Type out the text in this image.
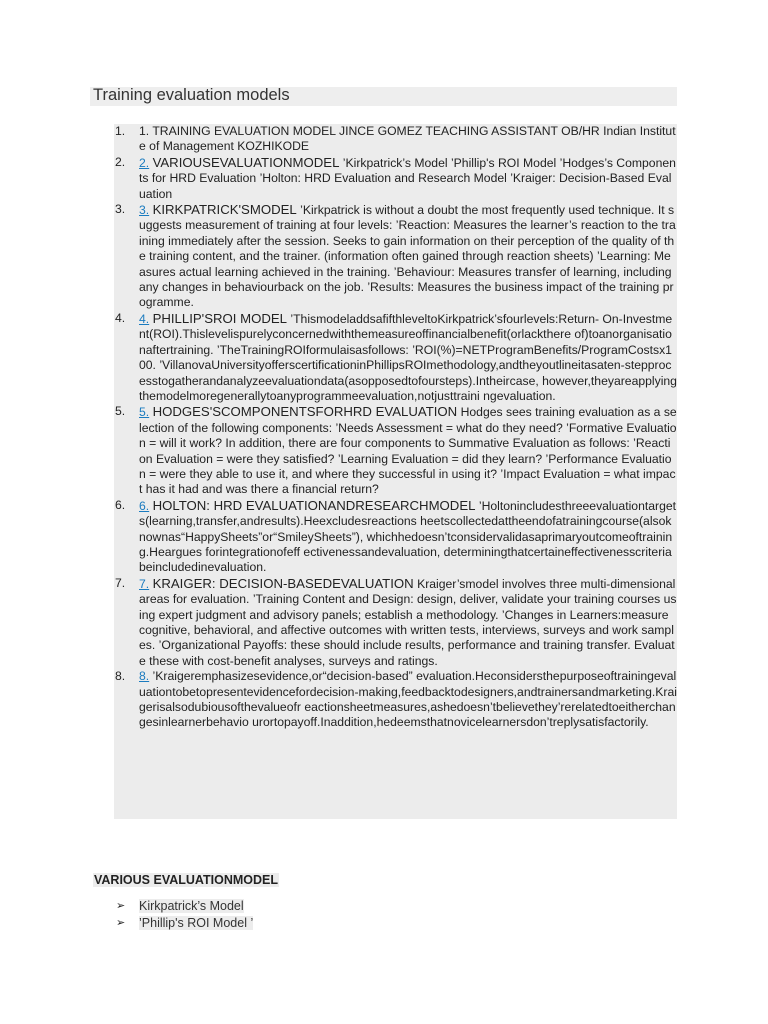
Training evaluation models
1. 1. TRAINING EVALUATION MODEL JINCE GOMEZ TEACHING ASSISTANT OB/HR Indian Institute of Management KOZHIKODE
2. 2. VARIOUSEVALUATIONMODEL ’Kirkpatrick’s Model ’Phillip's ROI Model ’Hodges’s Components for HRD Evaluation ’Holton: HRD Evaluation and Research Model ’Kraiger: Decision-Based Evaluation
3. 3. KIRKPATRICK'SMODEL ’Kirkpatrick is without a doubt the most frequently used technique. It suggests measurement of training at four levels: ’Reaction: Measures the learner’s reaction to the training immediately after the session. Seeks to gain information on their perception of the quality of the training content, and the trainer. (information often gained through reaction sheets) ’Learning: Measures actual learning achieved in the training. ’Behaviour: Measures transfer of learning, including any changes in behaviourback on the job. ’Results: Measures the business impact of the training programme.
4. 4. PHILLIP'SROI MODEL ’ThismodeladdsafifthleveltoKirkpatrick’sfourlevels:Return- On-Investment(ROI).Thislevelispurelyconcernedwiththemeasureoffinancialbenefit(orlackthere of)toanorganisationaftertraining. ’TheTrainingROIformulaisasfollows: ’ROI(%)=NETProgramBenefits/ProgramCostsx100. ’VillanovaUniversityofferscertificationinPhillipsROImethodology,andtheyoutlineitasaten-stepprocesstogatherandanalyzeevaluationdata(asopposedtofoursteps).Intheircase, however,theyareapplyingthemodelmoregenerallytoanyprogrammeevaluation,notjusttraini ngevaluation.
5. 5. HODGES'SCOMPONENTSFORHRD EVALUATION Hodges sees training evaluation as a selection of the following components: ’Needs Assessment = what do they need? ’Formative Evaluation = will it work? In addition, there are four components to Summative Evaluation as follows: ’Reaction Evaluation = were they satisfied? ’Learning Evaluation = did they learn? ’Performance Evaluation = were they able to use it, and where they successful in using it? ’Impact Evaluation = what impact has it had and was there a financial return?
6. 6. HOLTON: HRD EVALUATIONANDRESEARCHMODEL ’Holtonincludesthreeevaluationtargets(learning,transfer,andresults).Heexcludesreactions heetscollectedattheendofatrainingcourse(alsoknownas“HappySheets”or“SmileySheets”), whichhedoesn’tconsidervalidasaprimaryoutcomeoftraining.Heargues forintegrationofeff ectivenessandevaluation, determiningthatcertaineffectivenesscriteriabeincludedinevaluation.
7. 7. KRAIGER: DECISION-BASEDEVALUATION Kraiger’smodel involves three multi-dimensional areas for evaluation. ’Training Content and Design: design, deliver, validate your training courses using expert judgment and advisory panels; establish a methodology. ’Changes in Learners:measure cognitive, behavioral, and affective outcomes with written tests, interviews, surveys and work samples. ’Organizational Payoffs: these should include results, performance and training transfer. Evaluate these with cost-benefit analyses, surveys and ratings.
8. 8. ’Kraigeremphasizesevidence,or“decision-based” evaluation.Heconsidersthepurposeoftrainingevaluationtobetopresentevidencefordecision-making,feedbacktodesigners,andtrainersandmarketing.Kraigerisalsodubiousofthevalueofr eactionsheetmeasures,ashedoesn’tbelievethey’rerelatedtoeitherchangesinlearnerbehavio urortopayoff.Inaddition,hedeemsthatnovicelearnersdon’treplysatisfactorily.
VARIOUS EVALUATIONMODEL
➢ Kirkpatrick’s Model
➢ ’Phillip's ROI Model ’
